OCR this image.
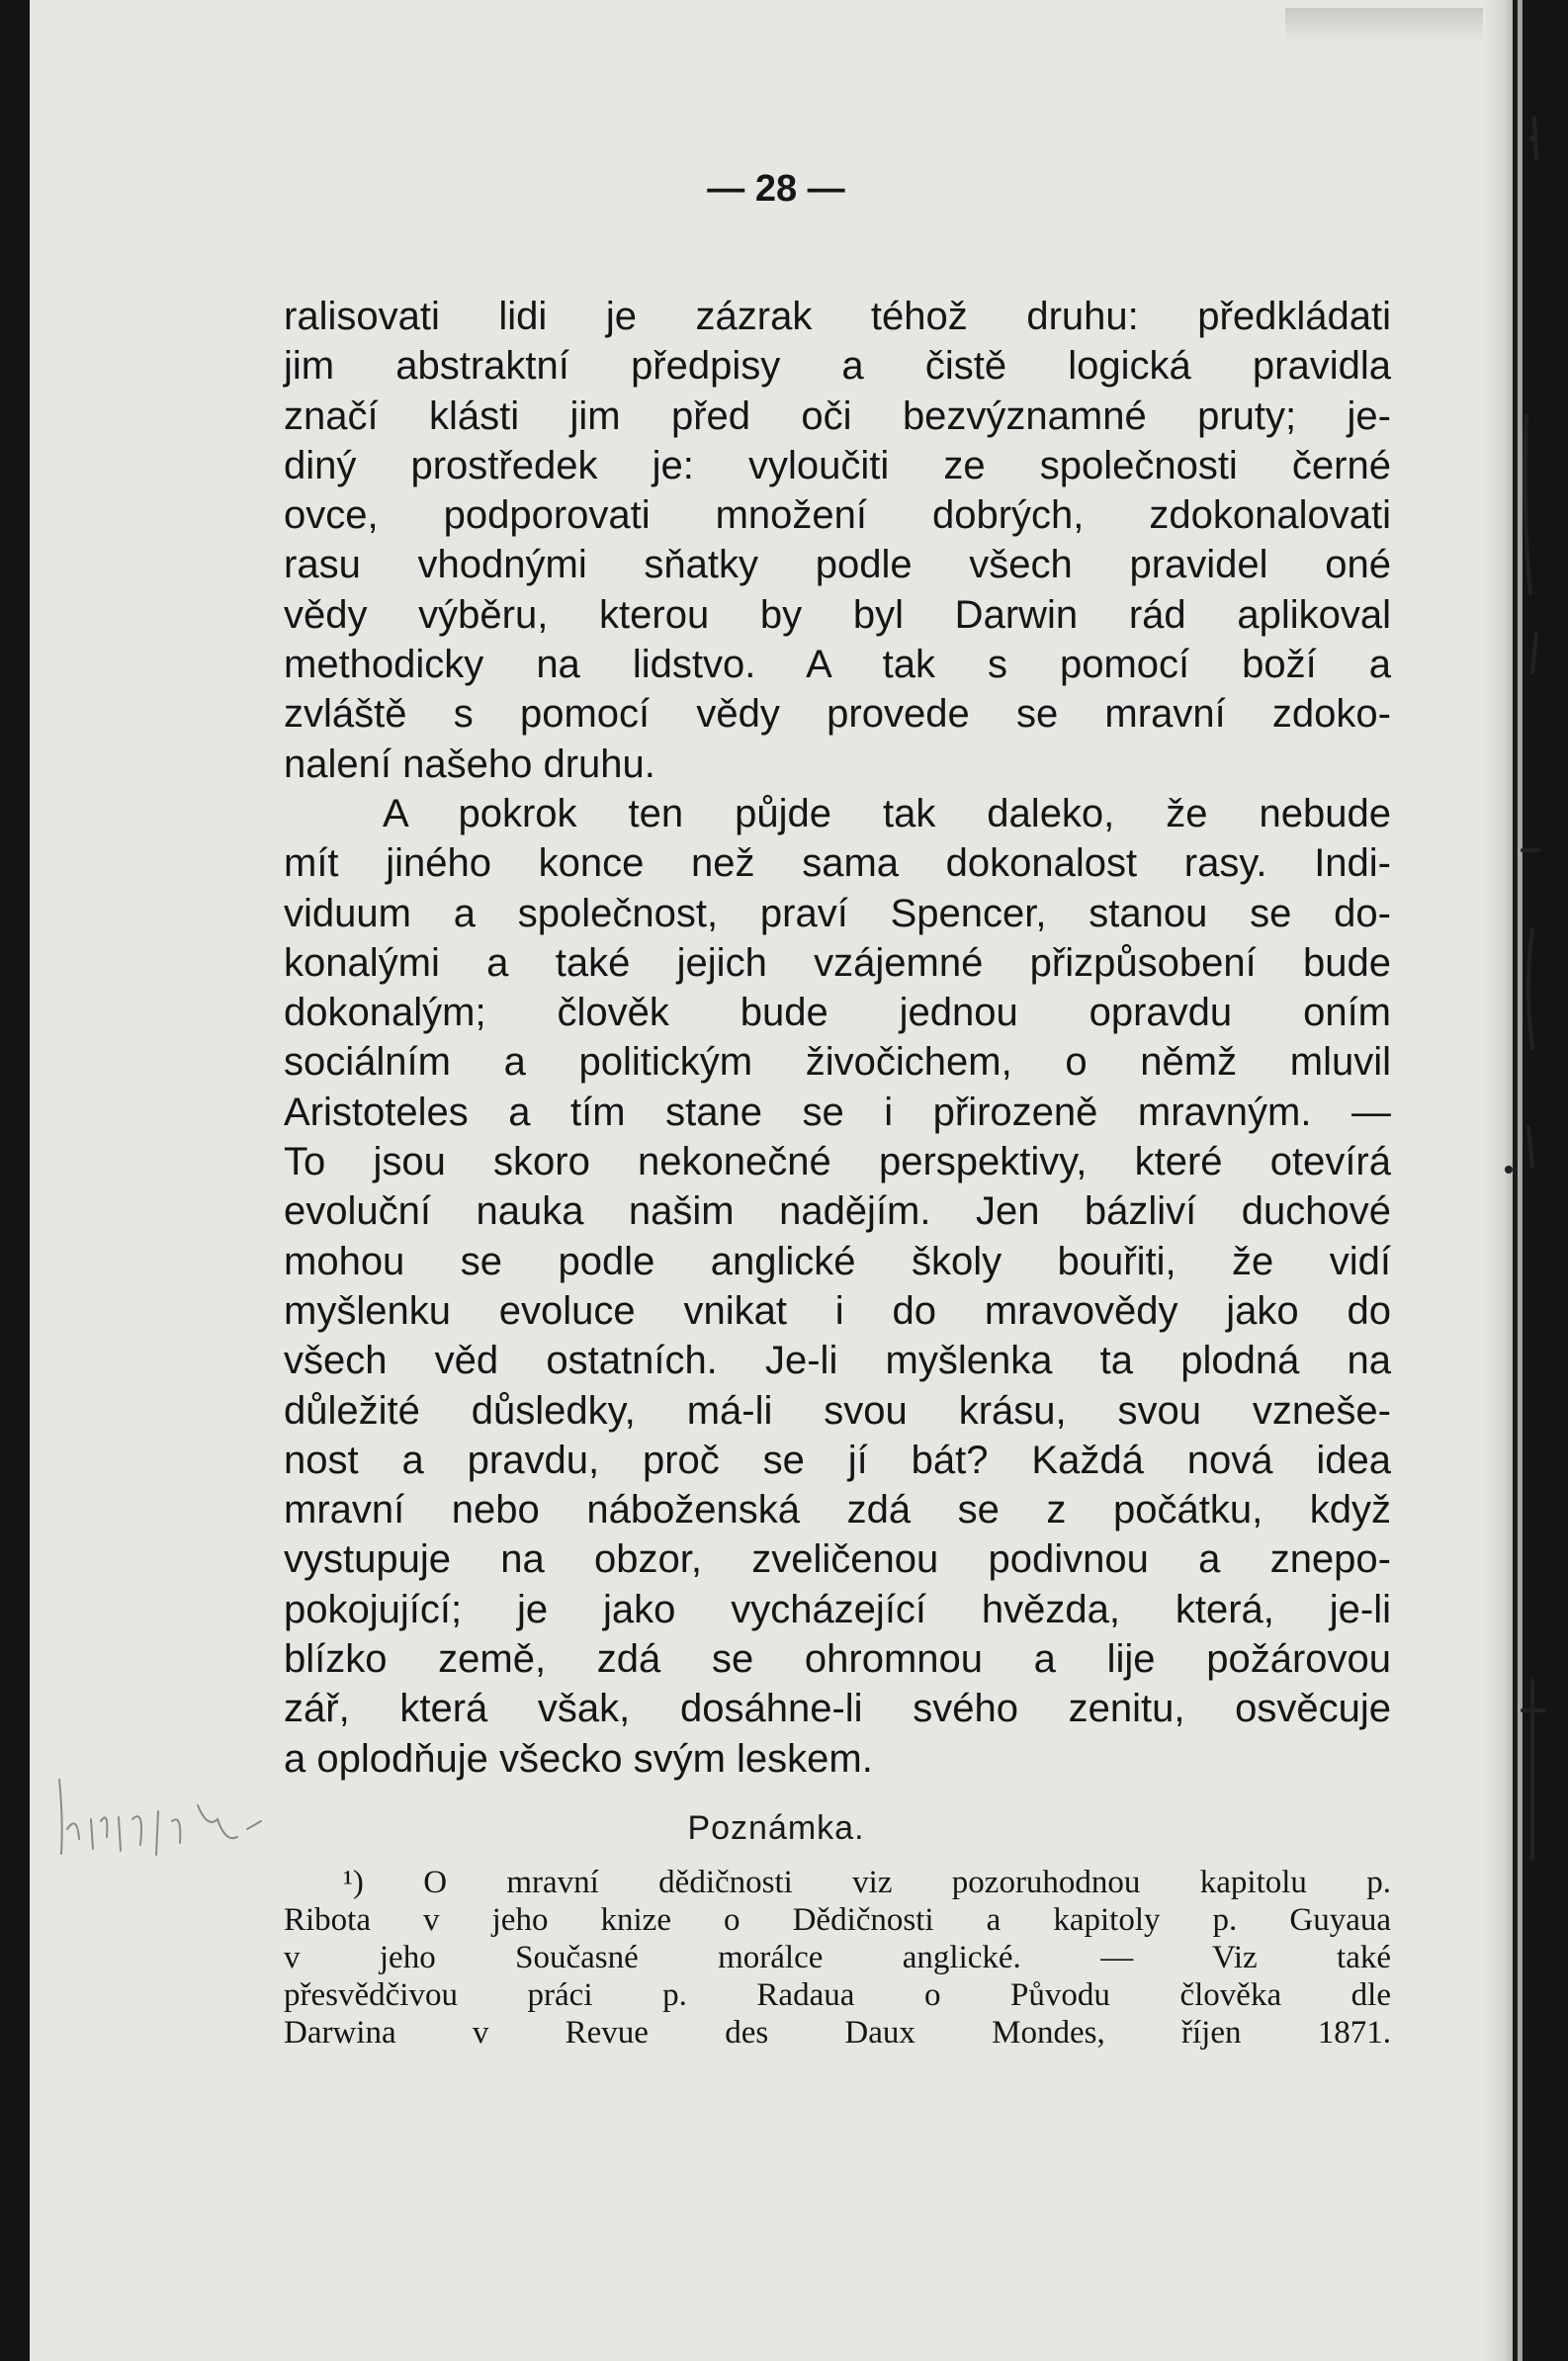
— 28 —
ralisovati lidi je zázrak téhož druhu: předkládati
jim abstraktní předpisy a čistě logická pravidla
značí klásti jim před oči bezvýznamné pruty; je-
diný prostředek je: vyloučiti ze společnosti černé
ovce, podporovati množení dobrých, zdokonalovati
rasu vhodnými sňatky podle všech pravidel oné
vědy výběru, kterou by byl Darwin rád aplikoval
methodicky na lidstvo. A tak s pomocí boží a
zvláště s pomocí vědy provede se mravní zdoko-
nalení našeho druhu.
A pokrok ten půjde tak daleko, že nebude
mít jiného konce než sama dokonalost rasy. Indi-
viduum a společnost, praví Spencer, stanou se do-
konalými a také jejich vzájemné přizpůsobení bude
dokonalým; člověk bude jednou opravdu oním
sociálním a politickým živočichem, o němž mluvil
Aristoteles a tím stane se i přirozeně mravným. —
To jsou skoro nekonečné perspektivy, které otevírá
evoluční nauka našim nadějím. Jen bázliví duchové
mohou se podle anglické školy bouřiti, že vidí
myšlenku evoluce vnikat i do mravovědy jako do
všech věd ostatních. Je-li myšlenka ta plodná na
důležité důsledky, má-li svou krásu, svou vzneše-
nost a pravdu, proč se jí bát? Každá nová idea
mravní nebo náboženská zdá se z počátku, když
vystupuje na obzor, zveličenou podivnou a znepo-
pokojující; je jako vycházející hvězda, která, je-li
blízko země, zdá se ohromnou a lije požárovou
zář, která však, dosáhne-li svého zenitu, osvěcuje
a oplodňuje všecko svým leskem.
Poznámka.
¹) O mravní dědičnosti viz pozoruhodnou kapitolu p.
Ribota v jeho knize o Dědičnosti a kapitoly p. Guyaua
v jeho Současné morálce anglické. — Viz také
přesvědčivou práci p. Radaua o Původu člověka dle
Darwina v Revue des Daux Mondes, říjen 1871.
